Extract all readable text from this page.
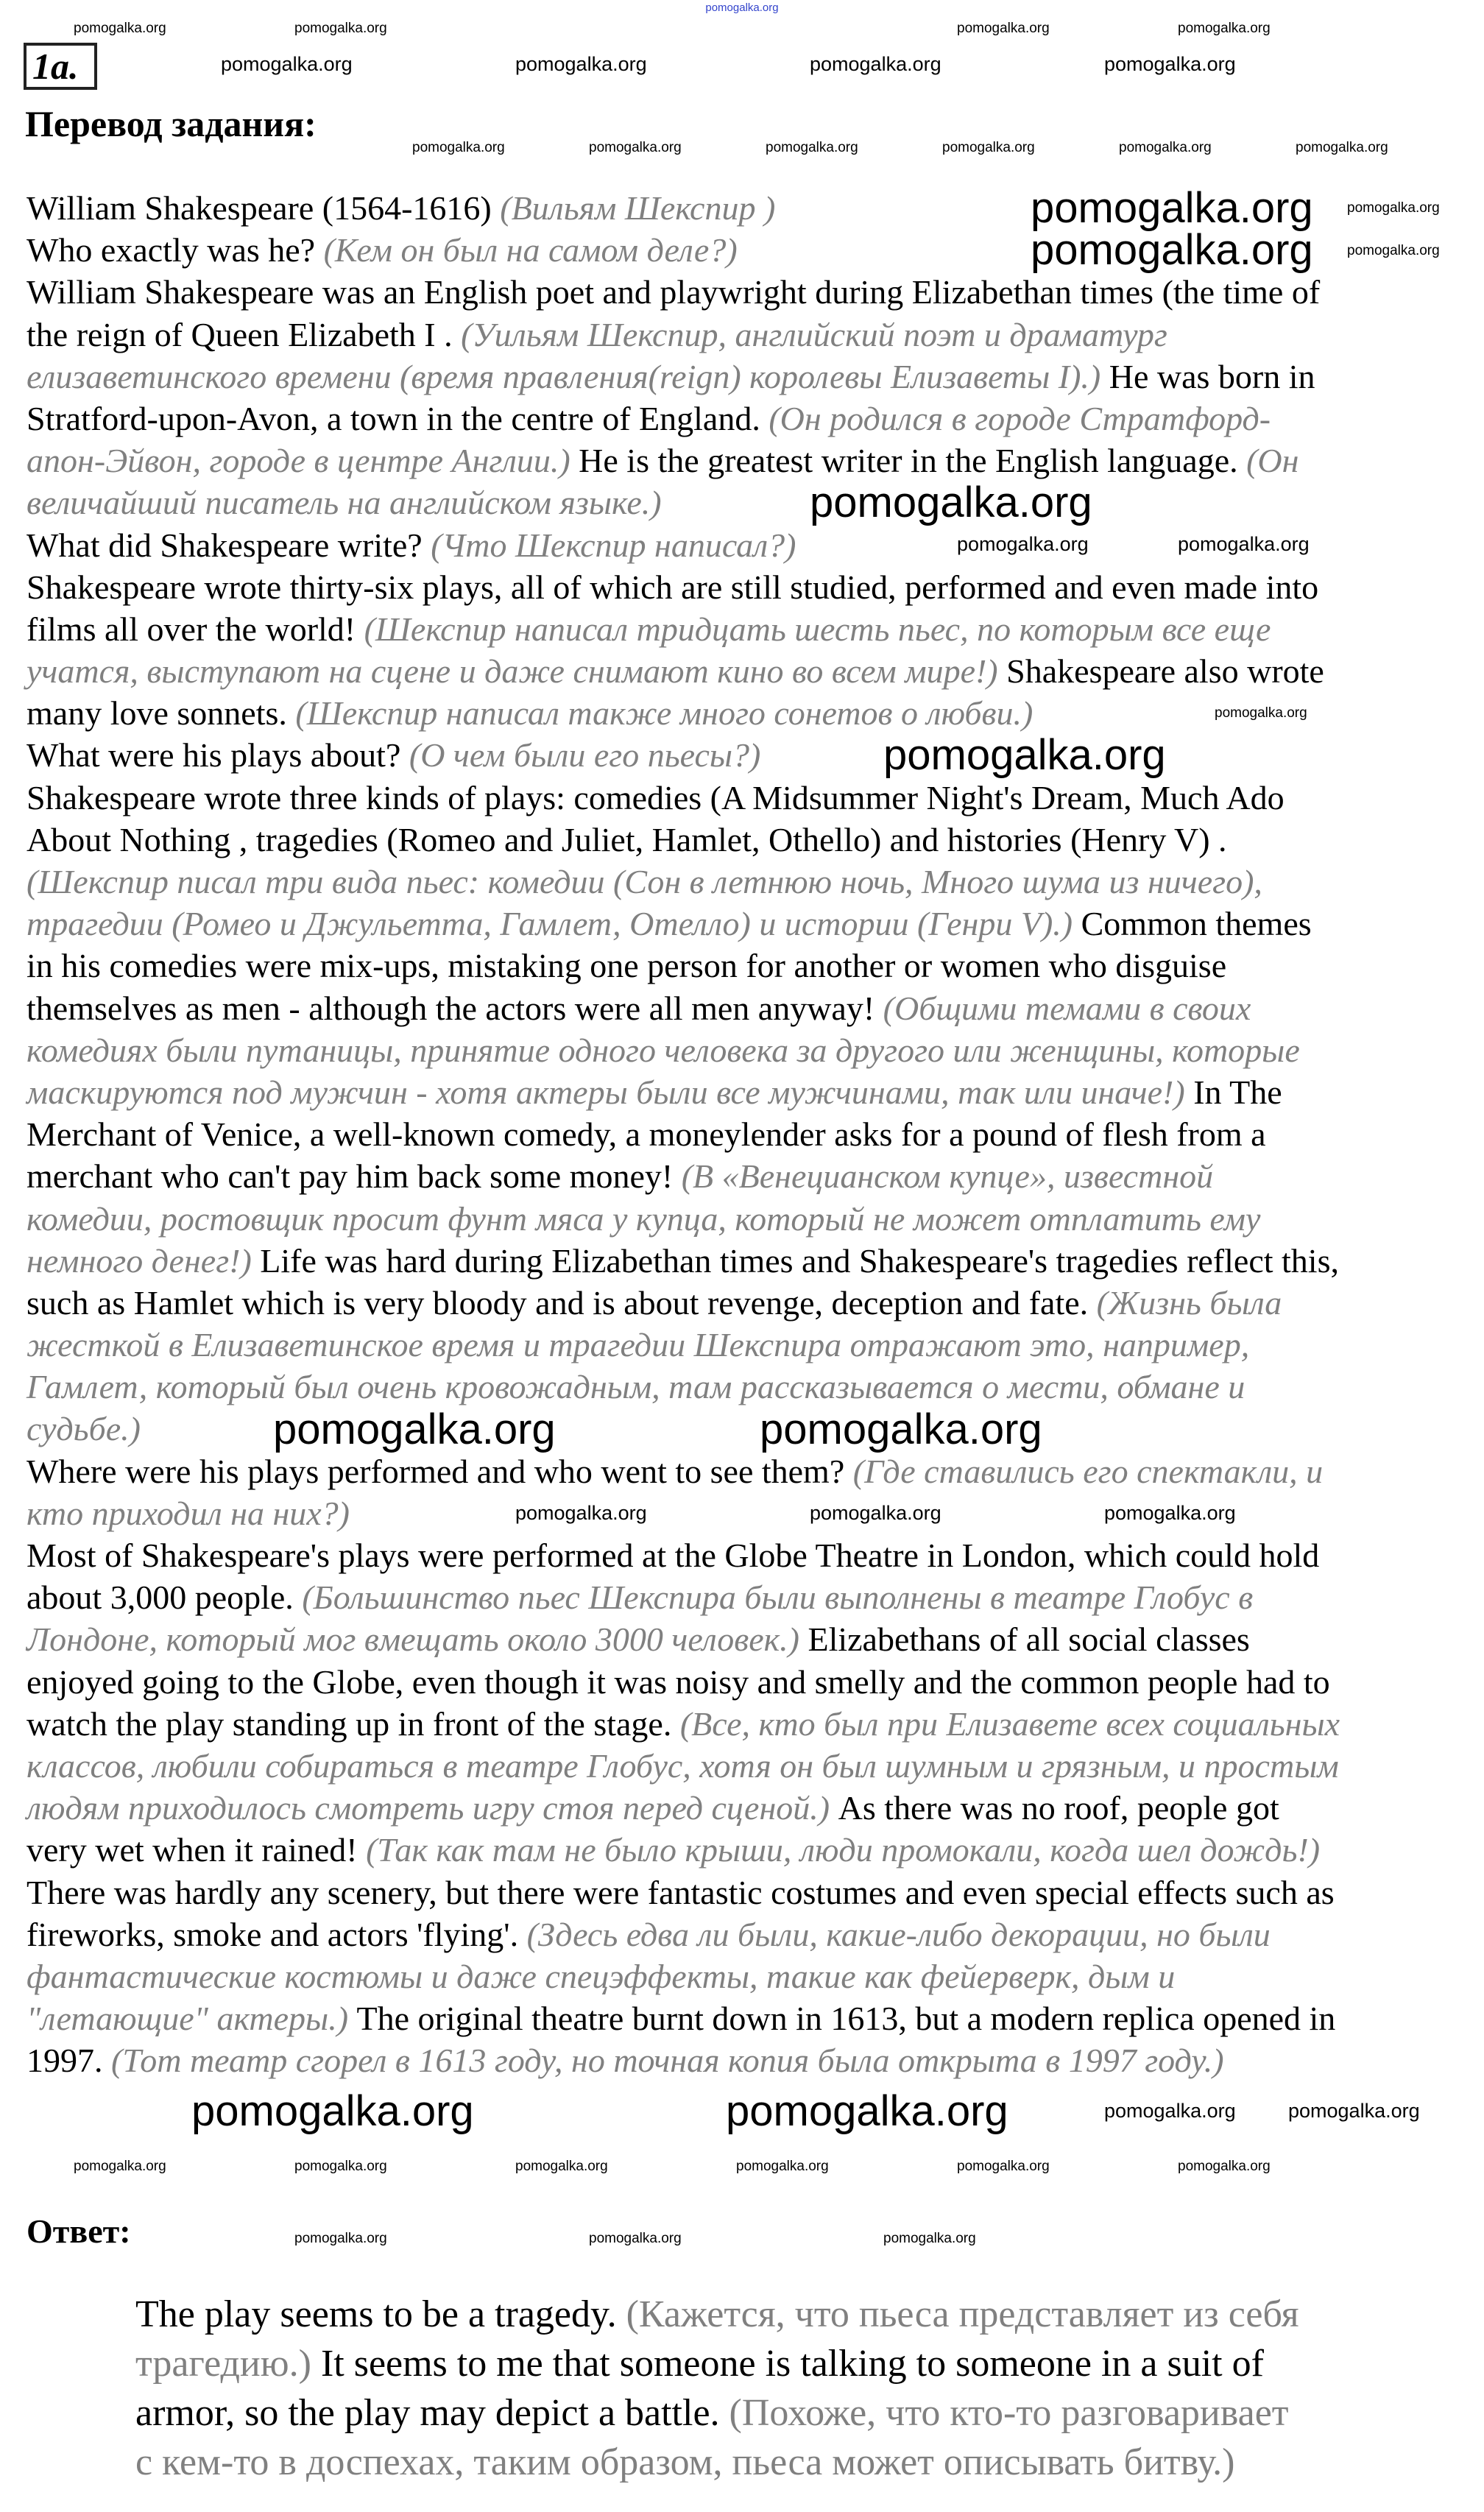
pomogalka.org
1a.
Перевод задания:
William Shakespeare (1564-1616) (Вильям Шекспир )
Who exactly was he? (Кем он был на самом деле?)
William Shakespeare was an English poet and playwright during Elizabethan times (the time of
the reign of Queen Elizabeth I . (Уильям Шекспир, английский поэт и драматург
елизаветинского времени (время правления(reign) королевы Елизаветы I).) He was born in
Stratford-upon-Avon, a town in the centre of England. (Он родился в городе Стратфорд-
апон-Эйвон, городе в центре Англии.) He is the greatest writer in the English language. (Он
величайший писатель на английском языке.)
What did Shakespeare write? (Что Шекспир написал?)
Shakespeare wrote thirty-six plays, all of which are still studied, performed and even made into
films all over the world! (Шекспир написал тридцать шесть пьес, по которым все еще
учатся, выступают на сцене и даже снимают кино во всем мире!) Shakespeare also wrote
many love sonnets. (Шекспир написал также много сонетов о любви.)
What were his plays about? (О чем были его пьесы?)
Shakespeare wrote three kinds of plays: comedies (A Midsummer Night's Dream, Much Ado
About Nothing , tragedies (Romeo and Juliet, Hamlet, Othello) and histories (Henry V) .
(Шекспир писал три вида пьес: комедии (Сон в летнюю ночь, Много шума из ничего),
трагедии (Ромео и Джульетта, Гамлет, Отелло) и истории (Генри V).) Common themes
in his comedies were mix-ups, mistaking one person for another or women who disguise
themselves as men - although the actors were all men anyway! (Общими темами в своих
комедиях были путаницы, принятие одного человека за другого или женщины, которые
маскируются под мужчин - хотя актеры были все мужчинами, так или иначе!) In The
Merchant of Venice, a well-known comedy, a moneylender asks for a pound of flesh from a
merchant who can't pay him back some money! (В «Венецианском купце», известной
комедии, ростовщик просит фунт мяса у купца, который не может отплатить ему
немного денег!) Life was hard during Elizabethan times and Shakespeare's tragedies reflect this,
such as Hamlet which is very bloody and is about revenge, deception and fate. (Жизнь была
жесткой в Елизаветинское время и трагедии Шекспира отражают это, например,
Гамлет, который был очень кровожадным, там рассказывается о мести, обмане и
судьбе.)
Where were his plays performed and who went to see them? (Где ставились его спектакли, и
кто приходил на них?)
Most of Shakespeare's plays were performed at the Globe Theatre in London, which could hold
about 3,000 people. (Большинство пьес Шекспира были выполнены в театре Глобус в
Лондоне, который мог вмещать около 3000 человек.) Elizabethans of all social classes
enjoyed going to the Globe, even though it was noisy and smelly and the common people had to
watch the play standing up in front of the stage. (Все, кто был при Елизавете всех социальных
классов, любили собираться в театре Глобус, хотя он был шумным и грязным, и простым
людям приходилось смотреть игру стоя перед сценой.) As there was no roof, people got
very wet when it rained! (Так как там не было крыши, люди промокали, когда шел дождь!)
There was hardly any scenery, but there were fantastic costumes and even special effects such as
fireworks, smoke and actors 'flying'. (Здесь едва ли были, какие-либо декорации, но были
фантастические костюмы и даже спецэффекты, такие как фейерверк, дым и
"летающие" актеры.) The original theatre burnt down in 1613, but a modern replica opened in
1997. (Тот театр сгорел в 1613 году, но точная копия была открыта в 1997 году.)
Ответ:
The play seems to be a tragedy. (Кажется, что пьеса представляет из себя
трагедию.) It seems to me that someone is talking to someone in a suit of
armor, so the play may depict a battle. (Похоже, что кто-то разговаривает
с кем-то в доспехах, таким образом, пьеса может описывать битву.)
pomogalka.org
pomogalka.org
pomogalka.org
pomogalka.org
pomogalka.org	pomogalka.org
pomogalka.org	pomogalka.org
pomogalka.org	pomogalka.org	pomogalka.org	pomogalka.org
pomogalka.org	pomogalka.org
pomogalka.org	pomogalka.org	pomogalka.org
pomogalka.org	pomogalka.org
pomogalka.org	pomogalka.org	pomogalka.org	pomogalka.org	pomogalka.org	pomogalka.org
pomogalka.org	pomogalka.org	pomogalka.org	pomogalka.org
pomogalka.org
pomogalka.org
pomogalka.org
pomogalka.org	pomogalka.org	pomogalka.org	pomogalka.org	pomogalka.org	pomogalka.org
pomogalka.org	pomogalka.org	pomogalka.org
